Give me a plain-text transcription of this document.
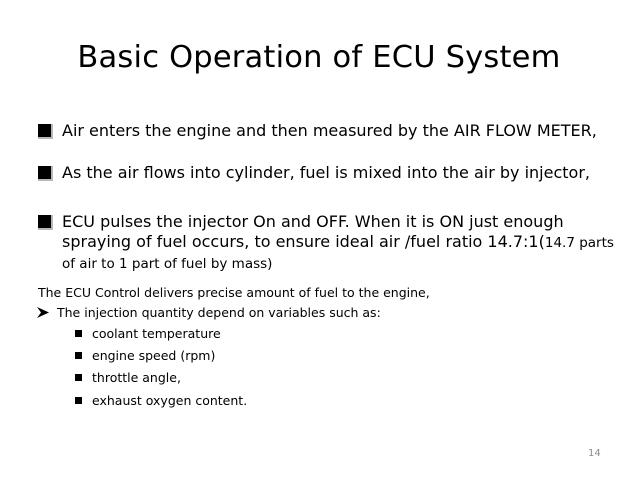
Basic Operation of ECU System
Air enters the engine and then measured by the AIR FLOW METER,
As the air flows into cylinder, fuel is mixed into the air by injector,
ECU pulses the injector On and OFF. When it is ON just enough spraying of fuel occurs, to ensure ideal air /fuel ratio 14.7:1(14.7 parts of air to 1 part of fuel by mass)
The ECU Control delivers precise amount of fuel to the engine,
The injection quantity depend on variables such as:
coolant temperature
engine speed (rpm)
throttle angle,
exhaust oxygen content.
14
